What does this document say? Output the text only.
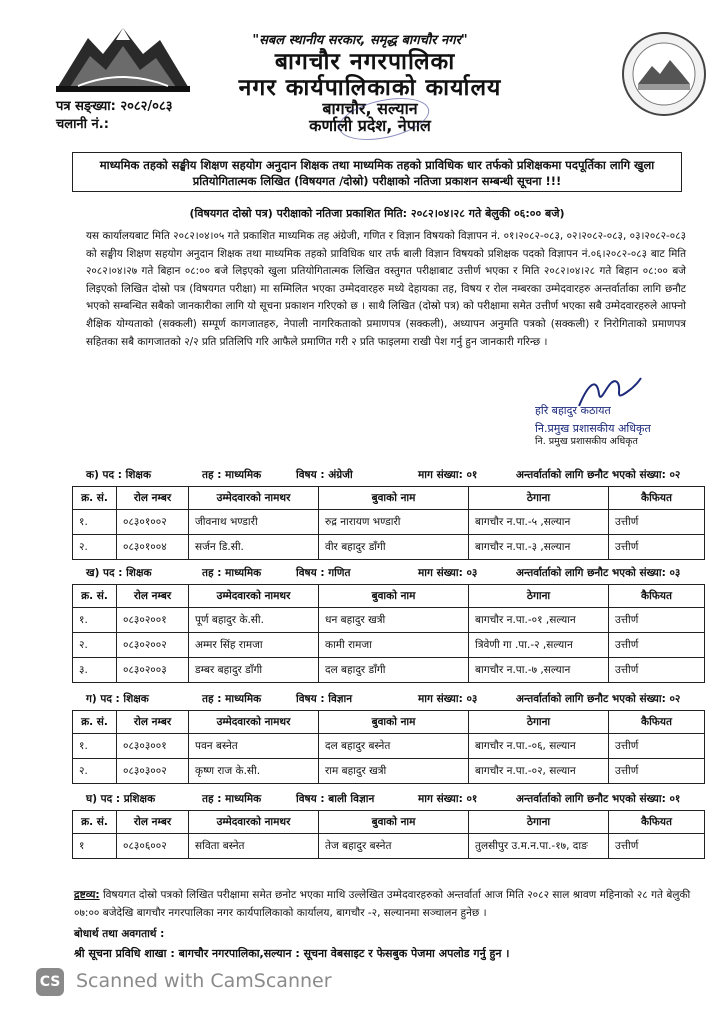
"सबल स्थानीय सरकार, समृद्ध बागचौर नगर"
बागचौर नगरपालिका
नगर कार्यपालिकाको कार्यालय
बागचौर, सल्यान
कर्णाली प्रदेश, नेपाल
पत्र सङ्ख्या: २०८२/०८३
चलानी नं.:
माध्यमिक तहको सङ्घीय शिक्षण सहयोग अनुदान शिक्षक तथा माध्यमिक तहको प्राविधिक धार तर्फको प्रशिक्षकमा पदपूर्तिका लागि खुला प्रतियोगितात्मक लिखित (विषयगत /दोस्रो) परीक्षाको नतिजा प्रकाशन सम्बन्धी सूचना !!!
(विषयगत दोस्रो पत्र) परीक्षाको नतिजा प्रकाशित मिति: २०८२।०४।२८ गते बेलुकी ०६:०० बजे)
यस कार्यालयबाट मिति २०८२।०४।०५ गते प्रकाशित माध्यमिक तह अंग्रेजी, गणित र विज्ञान विषयको विज्ञापन नं. ०१।२०८२-०८३, ०२।२०८२-०८३, ०३।२०८२-०८३ को सङ्घीय शिक्षण सहयोग अनुदान शिक्षक तथा माध्यमिक तहको प्राविधिक धार तर्फ बाली विज्ञान विषयको प्रशिक्षक पदको विज्ञापन नं.०६।२०८२-०८३ बाट मिति २०८२।०४।२७ गते बिहान ०८:०० बजे लिइएको खुला प्रतियोगितात्मक लिखित वस्तुगत परीक्षाबाट उत्तीर्ण भएका र मिति २०८२।०४।२८ गते बिहान ०८:०० बजे लिइएको लिखित दोस्रो पत्र (विषयगत परीक्षा) मा सम्मिलित भएका उम्मेदवारहरु मध्ये देहायका तह, विषय र रोल नम्बरका उम्मेदवारहरु अन्तर्वार्ताका लागि छनौट भएको सम्बन्धित सबैको जानकारीका लागि यो सूचना प्रकाशन गरिएको छ । साथै लिखित (दोस्रो पत्र) को परीक्षामा समेत उत्तीर्ण भएका सबै उम्मेदवारहरुले आफ्नो शैक्षिक योग्यताको (सक्कली) सम्पूर्ण कागजातहरु, नेपाली नागरिकताको प्रमाणपत्र (सक्कली), अध्यापन अनुमति पत्रको (सक्कली) र निरोगिताको प्रमाणपत्र सहितका सबै कागजातको २/२ प्रति प्रतिलिपि गरि आफैले प्रमाणित गरी २ प्रति फाइलमा राखी पेश गर्नु हुन जानकारी गरिन्छ ।
हरि बहादुर कठायत
नि.प्रमुख प्रशासकीय अधिकृत
नि. प्रमुख प्रशासकीय अधिकृत
क) पद : शिक्षक	तह : माध्यमिक	विषय : अंग्रेजी	माग संख्या: ०१	अन्तर्वार्ताको लागि छनौट भएको संख्या: ०२
क्र. सं.	रोल नम्बर	उम्मेदवारको नामथर	बुवाको नाम	ठेगाना	कैफियत
१.	०८३०१००२	जीवनाथ भण्डारी	रुद्र नारायण भण्डारी	बागचौर न.पा.-५ ,सल्यान	उत्तीर्ण
२.	०८३०१००४	सर्जन डि.सी.	वीर बहादुर डाँगी	बागचौर न.पा.-३ ,सल्यान	उत्तीर्ण
ख) पद : शिक्षक	तह : माध्यमिक	विषय : गणित	माग संख्या: ०३	अन्तर्वार्ताको लागि छनौट भएको संख्या: ०३
क्र. सं.	रोल नम्बर	उम्मेदवारको नामथर	बुवाको नाम	ठेगाना	कैफियत
१.	०८३०२००१	पूर्ण बहादुर के.सी.	धन बहादुर खत्री	बागचौर न.पा.-०१ ,सल्यान	उत्तीर्ण
२.	०८३०२००२	अम्मर सिंह रामजा	कामी रामजा	त्रिवेणी गा .पा.-२ ,सल्यान	उत्तीर्ण
३.	०८३०२००३	डम्बर बहादुर डाँगी	दल बहादुर डाँगी	बागचौर न.पा.-७ ,सल्यान	उत्तीर्ण
ग) पद : शिक्षक	तह : माध्यमिक	विषय : विज्ञान	माग संख्या: ०३	अन्तर्वार्ताको लागि छनौट भएको संख्या: ०२
क्र. सं.	रोल नम्बर	उम्मेदवारको नामथर	बुवाको नाम	ठेगाना	कैफियत
१.	०८३०३००१	पवन बस्नेत	दल बहादुर बस्नेत	बागचौर न.पा.-०६, सल्यान	उत्तीर्ण
२.	०८३०३००२	कृष्ण राज के.सी.	राम बहादुर खत्री	बागचौर न.पा.-०२, सल्यान	उत्तीर्ण
घ) पद : प्रशिक्षक	तह : माध्यमिक	विषय : बाली विज्ञान	माग संख्या: ०१	अन्तर्वार्ताको लागि छनौट भएको संख्या: ०१
क्र. सं.	रोल नम्बर	उम्मेदवारको नामथर	बुवाको नाम	ठेगाना	कैफियत
१	०८३०६००२	सविता बस्नेत	तेज बहादुर बस्नेत	तुलसीपुर उ.म.न.पा.-१७, दाङ	उत्तीर्ण
द्रष्टव्य: विषयगत दोस्रो पत्रको लिखित परीक्षामा समेत छनोट भएका माथि उल्लेखित उम्मेदवारहरुको अन्तर्वार्ता आज मिति २०८२ साल श्रावण महिनाको २८ गते बेलुकी ०७:०० बजेदेखि बागचौर नगरपालिका नगर कार्यपालिकाको कार्यालय, बागचौर -२, सल्यानमा सञ्चालन हुनेछ ।
बोधार्थ तथा अवगतार्थ :
श्री सूचना प्रविधि शाखा : बागचौर नगरपालिका,सल्यान : सूचना वेबसाइट र फेसबुक पेजमा अपलोड गर्नु हुन ।
CS Scanned with CamScanner
